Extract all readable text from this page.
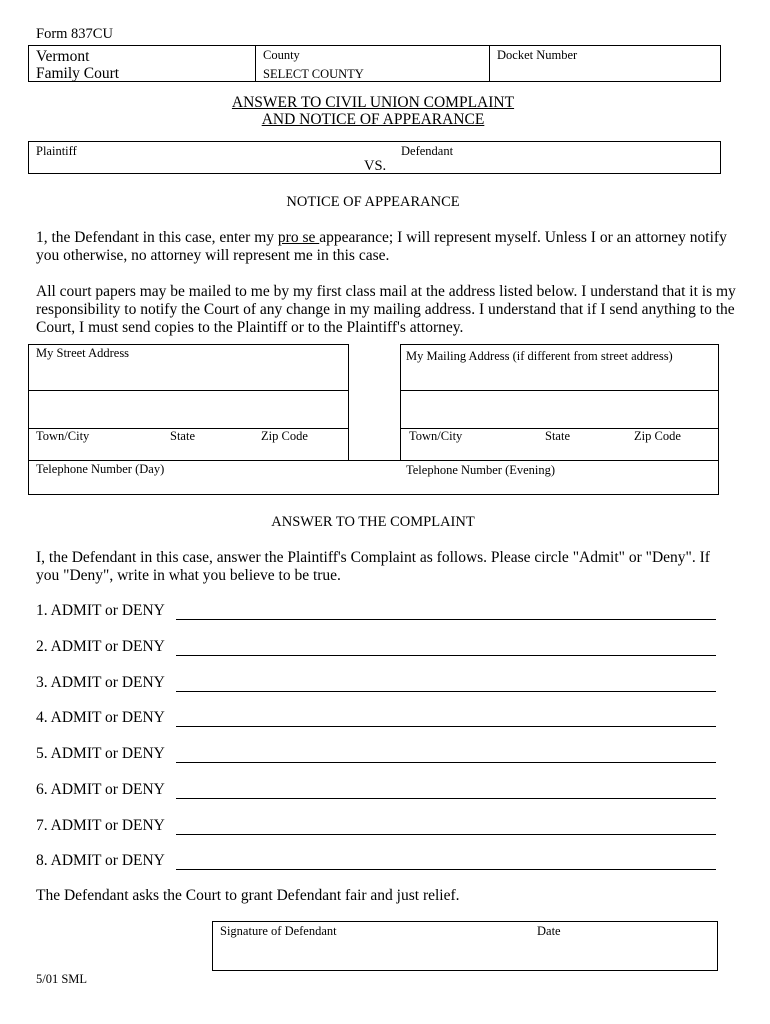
Form 837CU
Vermont
Family Court
County
SELECT COUNTY
Docket Number
ANSWER TO CIVIL UNION COMPLAINT
AND NOTICE OF APPEARANCE
Plaintiff	Defendant
VS.
NOTICE OF APPEARANCE
1, the Defendant in this case, enter my pro se appearance; I will represent myself. Unless I or an attorney notify you otherwise, no attorney will represent me in this case.
All court papers may be mailed to me by my first class mail at the address listed below. I understand that it is my responsibility to notify the Court of any change in my mailing address. I understand that if I send anything to the Court, I must send copies to the Plaintiff or to the Plaintiff's attorney.
My Street Address
Town/City	State	Zip Code
My Mailing Address (if different from street address)
Town/City	State	Zip Code
Telephone Number (Day)	Telephone Number (Evening)
ANSWER TO THE COMPLAINT
I, the Defendant in this case, answer the Plaintiff's Complaint as follows. Please circle "Admit" or "Deny". If you "Deny", write in what you believe to be true.
1. ADMIT or DENY
2. ADMIT or DENY
3. ADMIT or DENY
4. ADMIT or DENY
5. ADMIT or DENY
6. ADMIT or DENY
7. ADMIT or DENY
8. ADMIT or DENY
The Defendant asks the Court to grant Defendant fair and just relief.
Signature of Defendant	Date
5/01 SML
